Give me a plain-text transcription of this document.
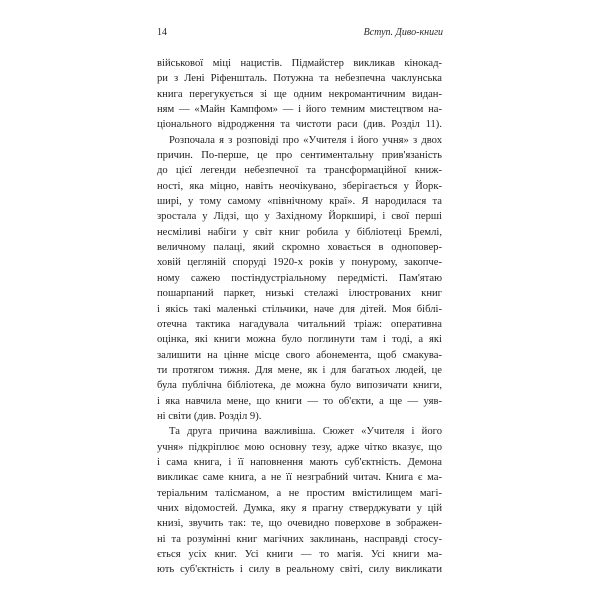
14	Вступ. Диво-книги
військової міці нацистів. Підмайстер викликав кінокад-
ри з Лені Ріфеншталь. Потужна та небезпечна чаклунська
книга перегукується зі ще одним некромантичним видан-
ням — «Майн Кампфом» — і його темним мистецтвом на-
ціонального відродження та чистоти раси (див. Розділ 11).
Розпочала я з розповіді про «Учителя і його учня» з двох
причин. По-перше, це про сентиментальну прив'язаність
до цієї легенди небезпечної та трансформаційної книж-
ності, яка міцно, навіть неочікувано, зберігається у Йорк-
ширі, у тому самому «північному краї». Я народилася та
зростала у Лідзі, що у Західному Йоркширі, і свої перші
несміливі набіги у світ книг робила у бібліотеці Бремлі,
величному палаці, який скромно ховається в одноповер-
ховій цегляній споруді 1920-х років у понурому, закопче-
ному сажею постіндустріальному передмісті. Пам'ятаю
пошарпаний паркет, низькі стелажі ілюстрованих книг
і якісь такі маленькі стільчики, наче для дітей. Моя біблі-
отечна тактика нагадувала читальний тріаж: оперативна
оцінка, які книги можна було поглинути там і тоді, а які
залишити на цінне місце свого абонемента, щоб смакува-
ти протягом тижня. Для мене, як і для багатьох людей, це
була публічна бібліотека, де можна було випозичати книги,
і яка навчила мене, що книги — то об'єкти, а ще — уяв-
ні світи (див. Розділ 9).
Та друга причина важливіша. Сюжет «Учителя і його
учня» підкріплює мою основну тезу, адже чітко вказує, що
і сама книга, і її наповнення мають суб'єктність. Демона
викликає саме книга, а не її незграбний читач. Книга є ма-
теріальним талісманом, а не простим вмістилищем магі-
чних відомостей. Думка, яку я прагну стверджувати у цій
книзі, звучить так: те, що очевидно поверхове в зображен-
ні та розумінні книг магічних заклинань, насправді стосу-
ється усіх книг. Усі книги — то магія. Усі книги ма-
ють суб'єктність і силу в реальному світі, силу викликати
